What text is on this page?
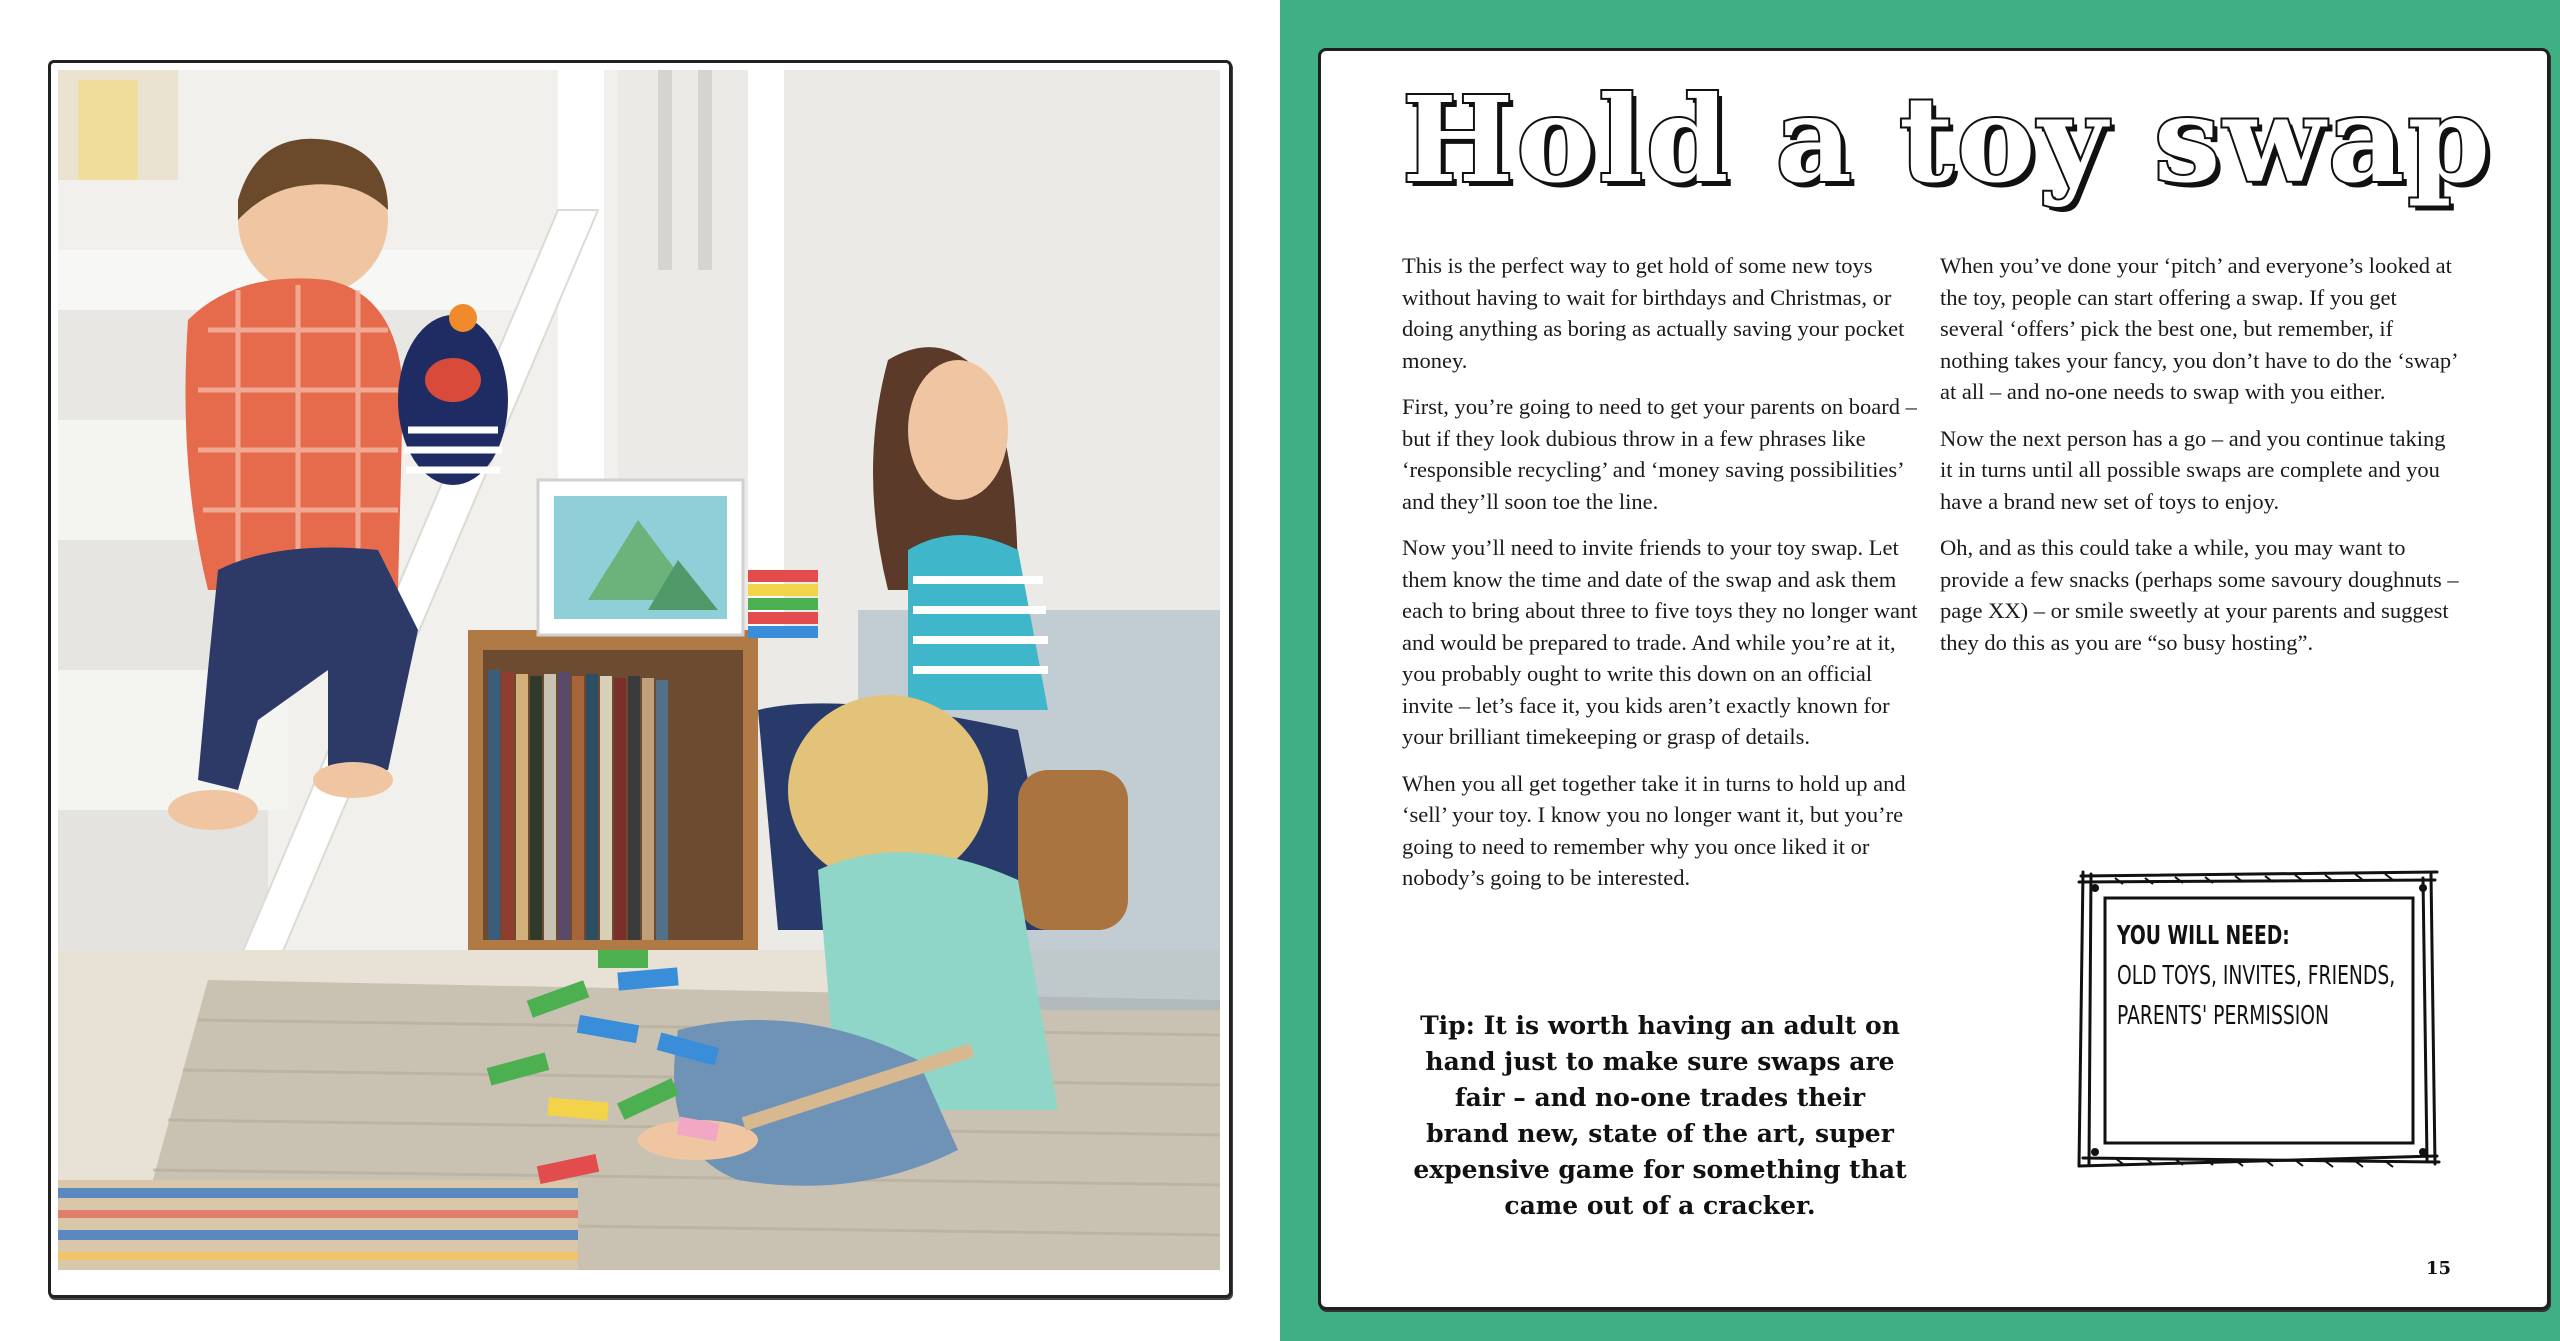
Hold a toy swap

This is the perfect way to get hold of some new toys without having to wait for birthdays and Christmas, or doing anything as boring as actually saving your pocket money.

First, you’re going to need to get your parents on board – but if they look dubious throw in a few phrases like ‘responsible recycling’ and ‘money saving possibilities’ and they’ll soon toe the line.

Now you’ll need to invite friends to your toy swap. Let them know the time and date of the swap and ask them each to bring about three to five toys they no longer want and would be prepared to trade. And while you’re at it, you probably ought to write this down on an official invite – let’s face it, you kids aren’t exactly known for your brilliant timekeeping or grasp of details.

When you all get together take it in turns to hold up and ‘sell’ your toy. I know you no longer want it, but you’re going to need to remember why you once liked it or nobody’s going to be interested.

When you’ve done your ‘pitch’ and everyone’s looked at the toy, people can start offering a swap. If you get several ‘offers’ pick the best one, but remember, if nothing takes your fancy, you don’t have to do the ‘swap’ at all – and no-one needs to swap with you either.

Now the next person has a go – and you continue taking it in turns until all possible swaps are complete and you have a brand new set of toys to enjoy.

Oh, and as this could take a while, you may want to provide a few snacks (perhaps some savoury doughnuts – page XX) – or smile sweetly at your parents and suggest they do this as you are “so busy hosting”.

Tip: It is worth having an adult on hand just to make sure swaps are fair – and no-one trades their brand new, state of the art, super expensive game for something that came out of a cracker.

YOU WILL NEED:
OLD TOYS, INVITES, FRIENDS,
PARENTS' PERMISSION
15
